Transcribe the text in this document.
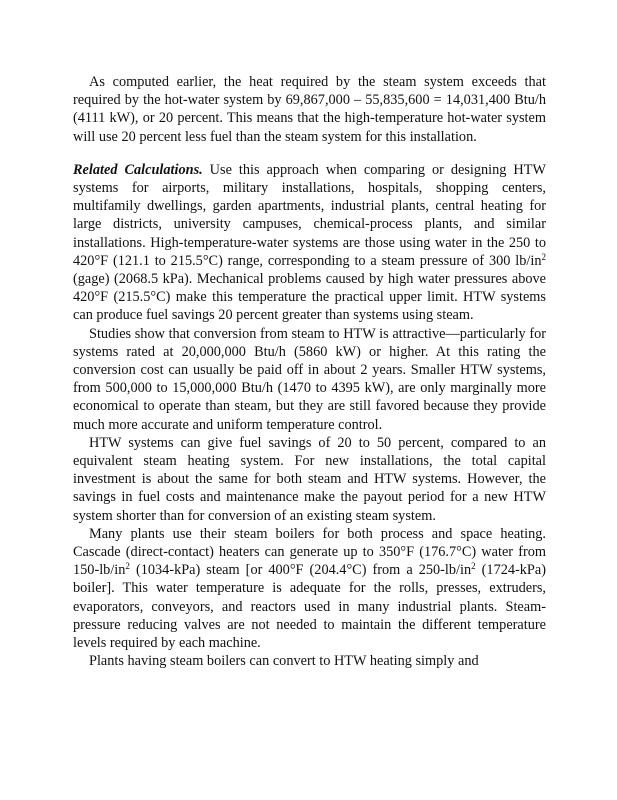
As computed earlier, the heat required by the steam system exceeds that required by the hot-water system by 69,867,000 – 55,835,600 = 14,031,400 Btu/h (4111 kW), or 20 percent. This means that the high-temperature hot-water system will use 20 percent less fuel than the steam system for this installation.

Related Calculations. Use this approach when comparing or designing HTW systems for airports, military installations, hospitals, shopping centers, multifamily dwellings, garden apartments, industrial plants, central heating for large districts, university campuses, chemical-process plants, and similar installations. High-temperature-water systems are those using water in the 250 to 420°F (121.1 to 215.5°C) range, corresponding to a steam pressure of 300 $lb/in^2$ (gage) (2068.5 kPa). Mechanical problems caused by high water pressures above 420°F (215.5°C) make this temperature the practical upper limit. HTW systems can produce fuel savings 20 percent greater than systems using steam.

Studies show that conversion from steam to HTW is attractive—particularly for systems rated at 20,000,000 Btu/h (5860 kW) or higher. At this rating the conversion cost can usually be paid off in about 2 years. Smaller HTW systems, from 500,000 to 15,000,000 Btu/h (1470 to 4395 kW), are only marginally more economical to operate than steam, but they are still favored because they provide much more accurate and uniform temperature control.

HTW systems can give fuel savings of 20 to 50 percent, compared to an equivalent steam heating system. For new installations, the total capital investment is about the same for both steam and HTW systems. However, the savings in fuel costs and maintenance make the payout period for a new HTW system shorter than for conversion of an existing steam system.

Many plants use their steam boilers for both process and space heating. Cascade (direct-contact) heaters can generate up to 350°F (176.7°C) water from $150-lb/in^2$ (1034-kPa) steam [or 400°F (204.4°C) from a $250-lb/in^2$ (1724-kPa) boiler]. This water temperature is adequate for the rolls, presses, extruders, evaporators, conveyors, and reactors used in many industrial plants. Steam-pressure reducing valves are not needed to maintain the different temperature levels required by each machine.

Plants having steam boilers can convert to HTW heating simply and
